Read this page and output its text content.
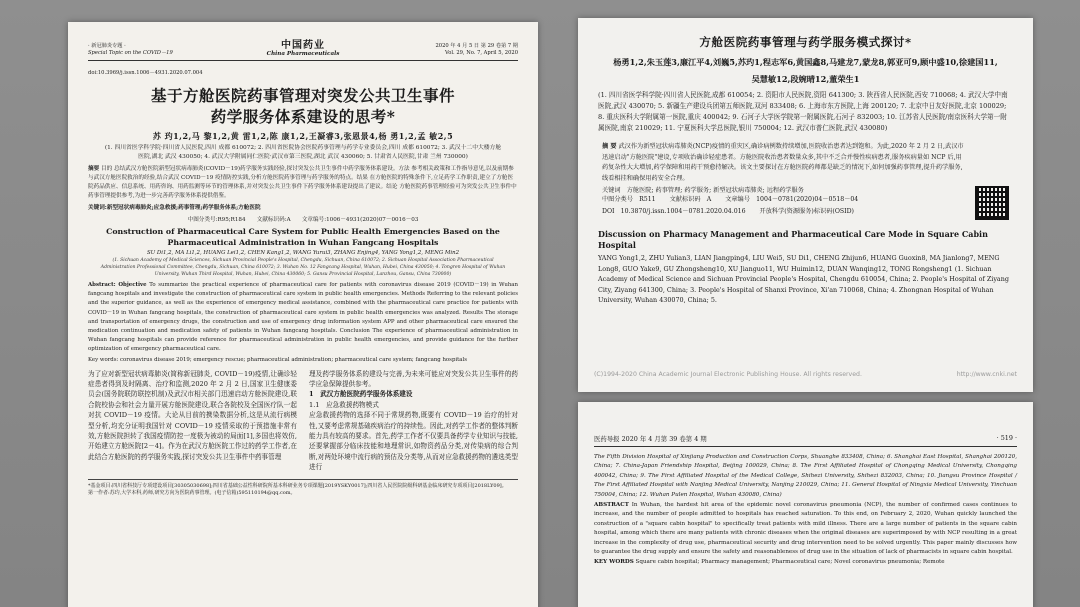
· 新冠肺炎专题 ·
Special Topic on the COVID－19
中国药业
China Pharmaceuticals
2020 年 4 月 5 日 第 29 卷第 7 期
Vol. 29, No. 7, April 5, 2020
doi:10.3969/j.issn.1006－4931.2020.07.004
基于方舱医院药事管理对突发公共卫生事件
药学服务体系建设的思考*
苏 玓1,2,马 黎1,2,黄 雷1,2,陈 康1,2,王凝睿3,张恩景4,杨 勇1,2,孟 敏2,5
(1. 四川省医学科学院·四川省人民医院,四川 成都 610072; 2. 四川省医院协会医院药事管理与药学专业委员会,四川 成都 610072; 3. 武汉十二中大楼方舱医院,湖北 武汉 430050; 4. 武汉大学附属同仁医院·武汉市第三医院,湖北 武汉 430060; 5. 甘肃省人民医院,甘肃 兰州 730000)
摘要 目的 总结武汉方舱医院新型冠状病毒肺炎(COVID－19)药学服务实践经验,探讨突发公共卫生事件中药学服务体系建设。方法 参考相关政策和工作指导意见,以及前期参与武汉方舱医院救治的经验,结合武汉 COVID－19 疫情防控实践,分析方舱医院药事管理与药学服务的特点。结果 在方舱医院的特殊条件下,立足药学工作职责,建立了方舱医院药品供应、信息系统、用药咨询、用药监测等环节的管理体系,并对突发公共卫生事件下药学服务体系建设提出了建议。结论 方舱医院药事管理经验可为突发公共卫生事件中药事管理提供参考,为进一步完善药学服务体系提供借鉴。
关键词:新型冠状病毒肺炎;应急救援;药事管理;药学服务体系;方舱医院
中图分类号:R95;R184　　文献标识码:A　　文章编号:1006－4931(2020)07－0016－03
Construction of Pharmaceutical Care System for Public Health Emergencies Based on the Pharmaceutical Administration in Wuhan Fangcang Hospitals
SU Di1,2, MA Li1,2, HUANG Lei1,2, CHEN Kang1,2, WANG Yurui3, ZHANG Enjing4, YANG Yong1,2, MENG Min2
(1. Sichuan Academy of Medical Sciences, Sichuan Provincial People's Hospital, Chengdu, Sichuan, China 610072; 2. Sichuan Hospital Association Pharmaceutical Administration Professional Committee, Chengdu, Sichuan, China 610072; 3. Wuhan No. 12 Fangcang Hospital, Wuhan, Hubei, China 430050; 4. Tongren Hospital of Wuhan University, Wuhan Third Hospital, Wuhan, Hubei, China 430060; 5. Gansu Provincial Hospital, Lanzhou, Gansu, China 730000)
Abstract: Objective To summarize the practical experience of pharmaceutical care for patients with coronavirus disease 2019 (COVID－19) in Wuhan fangcang hospitals and investigate the construction of pharmaceutical care system in public health emergencies. Methods Referring to the relevant policies and the superior guidance, as well as the experience of emergency medical assistance, combined with the pharmaceutical care practice for patients with COVID－19 in Wuhan fangcang hospitals, the construction of pharmaceutical care system in public health emergencies was analyzed. Results The storage and transportation of emergency drugs, the construction and use of emergency drug information system APP and other pharmaceutical care ensured the medication continuation and medication safety of patients in Wuhan fangcang hospitals. Conclusion The experience of pharmaceutical administration in Wuhan fangcang hospitals can provide reference for pharmaceutical administration in public health emergencies, and provide guidance for the further optimization of emergency pharmaceutical care.
Key words: coronavirus disease 2019; emergency rescue; pharmaceutical administration; pharmaceutical care system; fangcang hospitals
为了应对新型冠状病毒肺炎(简称新冠肺炎, COVID－19)疫情,让确诊轻症患者得到及时隔离、治疗和监测,2020 年 2 月 2 日,国家卫生健康委员会(国务院联防联控机制)及武汉市相关部门迅速启动方舱医院建设,联合院校协会和社会力量开展方舱医院建设,联合各院校及全国医疗队一起对抗 COVID－19 疫情。大论从目前的携染数据分析,这是从流行病模型分析,均充分证明我国针对 COVID－19 疫情采取的于预措施非常有效,方舱医院担转了我国疫情防控一度极为被动的局面[1],多国也将效仿,开始建立方舱医院[2－4]。作为在武汉方舱医院工作过的药学工作者,在此结合方舱医院的药学服务实践,探讨突发公共卫生事件中药事管理
理及药学服务体系的建设与完善,为未来可能应对突发公共卫生事件的药学应急保障提供参考。
1　武汉方舱医院药学服务体系建设
1.1　应急救援药物模式
应急救援药物的选择不同于常规药物,既要有 COVID－19 治疗的针对性,又要考虑常规基础疾病治疗的持续性。因此,对药学工作者的整体判断能力具有较高的要求。首先,药学工作者不仅要具备药学专业知识与技能,还要掌握部分临床技能和地理常识,如物资药品分类,对传染病的综合判断,对两处环境中流行病的预估及分类等,从而对应急救援药物的遴选类型进行
*基金项目:四川省科技厅专项建设项目[30305030698];四川省基础公益性科研院所基本科研业务专项课题[2019YSKY0017];四川省人民医院院级科研基金临床研究专项项目[2018LY09]。
第一作者:苏玓,大学本科,药师,研究方向为医院药事管理。(电子信箱)595110194@qq.com。
方舱医院药事管理与药学服务模式探讨*
杨勇1,2,朱玉莲3,廉江平4,刘巍5,苏玓1,程志军6,黄国鑫8,马建龙7,蒙龙8,郭亚可9,顾中盛10,徐建国11,吴慧敏12,段婉晴12,董荣生1
(1. 四川省医学科学院·四川省人民医院,成都 610054; 2. 资阳市人民医院,资阳 641300; 3. 陕西省人民医院,西安 710068; 4. 武汉大学中南医院,武汉 430070; 5. 新疆生产建设兵团第五师医院,双河 833408; 6. 上海市东方医院,上海 200120; 7. 北京中日友好医院,北京 100029; 8. 重庆医科大学附属第一医院,重庆 400042; 9. 石河子大学医学院第一附属医院,石河子 832003; 10. 江苏省人民医院/南京医科大学第一附属医院,南京 210029; 11. 宁夏医科大学总医院,银川 750004; 12. 武汉市普仁医院,武汉 430080)
摘 要 武汉作为新型冠状病毒肺炎(NCP)疫情的重灾区,确诊病例数持续增加,医院收治患者达到饱和。为此,2020 年 2 月 2 日,武汉市迅速启动"方舱医院"建设,专项收治确诊轻症患者。方舱医院收治患者数量众多,其中不乏合并慢性疾病患者,服务疾病量如 NCP 后,用药复杂性大大增加,药学保障和用药干预愈持解决。该文主要探讨在方舱医院药师都是缺乏的情况下,如何加强药事管理,提升药学服务,线看相挂和确保用药安全合理。
关键词　方舱医院; 药事管理; 药学服务; 新型冠状病毒肺炎; 远程药学服务
中图分类号　R511 文献标识码　A 文章编号　1004－0781(2020)04－0518－04
DOI　10.3870/j.issn.1004－0781.2020.04.016 开放科学(资源服务)标识码(OSID)
Discussion on Pharmacy Management and Pharmaceutical Care Mode in Square Cabin Hospital
YANG Yong1,2, ZHU Yulian3, LIAN Jiangping4, LIU Wei5, SU Di1, CHENG Zhijun6, HUANG Guoxin8, MA Jianlong7, MENG Long8, GUO Yake9, GU Zhongsheng10, XU Jianguo11, WU Huimin12, DUAN Wanqing12, TONG Rongsheng1 (1. Sichuan Academy of Medical Science and Sichuan Provincial People's Hospital, Chengdu 610054, China; 2. People's Hospital of Ziyang City, Ziyang 641300, China; 3. People's Hospital of Shanxi Province, Xi'an 710068, China; 4. Zhongnan Hospital of Wuhan University, Wuhan 430070, China; 5.
(C)1994-2020 China Academic Journal Electronic Publishing House. All rights reserved.	http://www.cnki.net
医药导报 2020 年 4 月第 39 卷第 4 期	· 519 ·
The Fifth Division Hospital of Xinjiang Production and Construction Corps, Shuanghe 833408, China; 6. Shanghai East Hospital, Shanghai 200120, China; 7. China-Japan Friendship Hospital, Beijing 100029, China; 8. The First Affiliated Hospital of Chongqing Medical University, Chongqing 400042, China; 9. The First Affiliated Hospital of the Medical College, Shihezi University, Shihezi 832003, China; 10. Jiangsu Province Hospital / The First Affiliated Hospital with Nanjing Medical University, Nanjing 210029, China; 11. General Hospital of Ningxia Medical University, Yinchuan 750004, China; 12. Wuhan Pulen Hospital, Wuhan 430080, China)
ABSTRACT In Wuhan, the hardest hit area of the epidemic novel coronavirus pneumonia (NCP), the number of confirmed cases continues to increase, and the number of people admitted to hospitals has reached saturation. To this end, on February 2, 2020, Wuhan quickly launched the construction of a "square cabin hospital" to specifically treat patients with mild illness. There are a large number of patients in the square cabin hospital, among which there are many patients with chronic diseases when the original diseases are superimposed by with NCP resulting in a great increase in the complexity of drug use, pharmaceutical security and drug intervention need to be solved urgently. This paper mainly discusses how to guarantee the drug supply and ensure the safety and reasonableness of drug use in the situation of lack of pharmacists in square cabin hospital.
KEY WORDS Square cabin hospital; Pharmacy management; Pharmaceutical care; Novel coronavirus pneumonia; Remote
